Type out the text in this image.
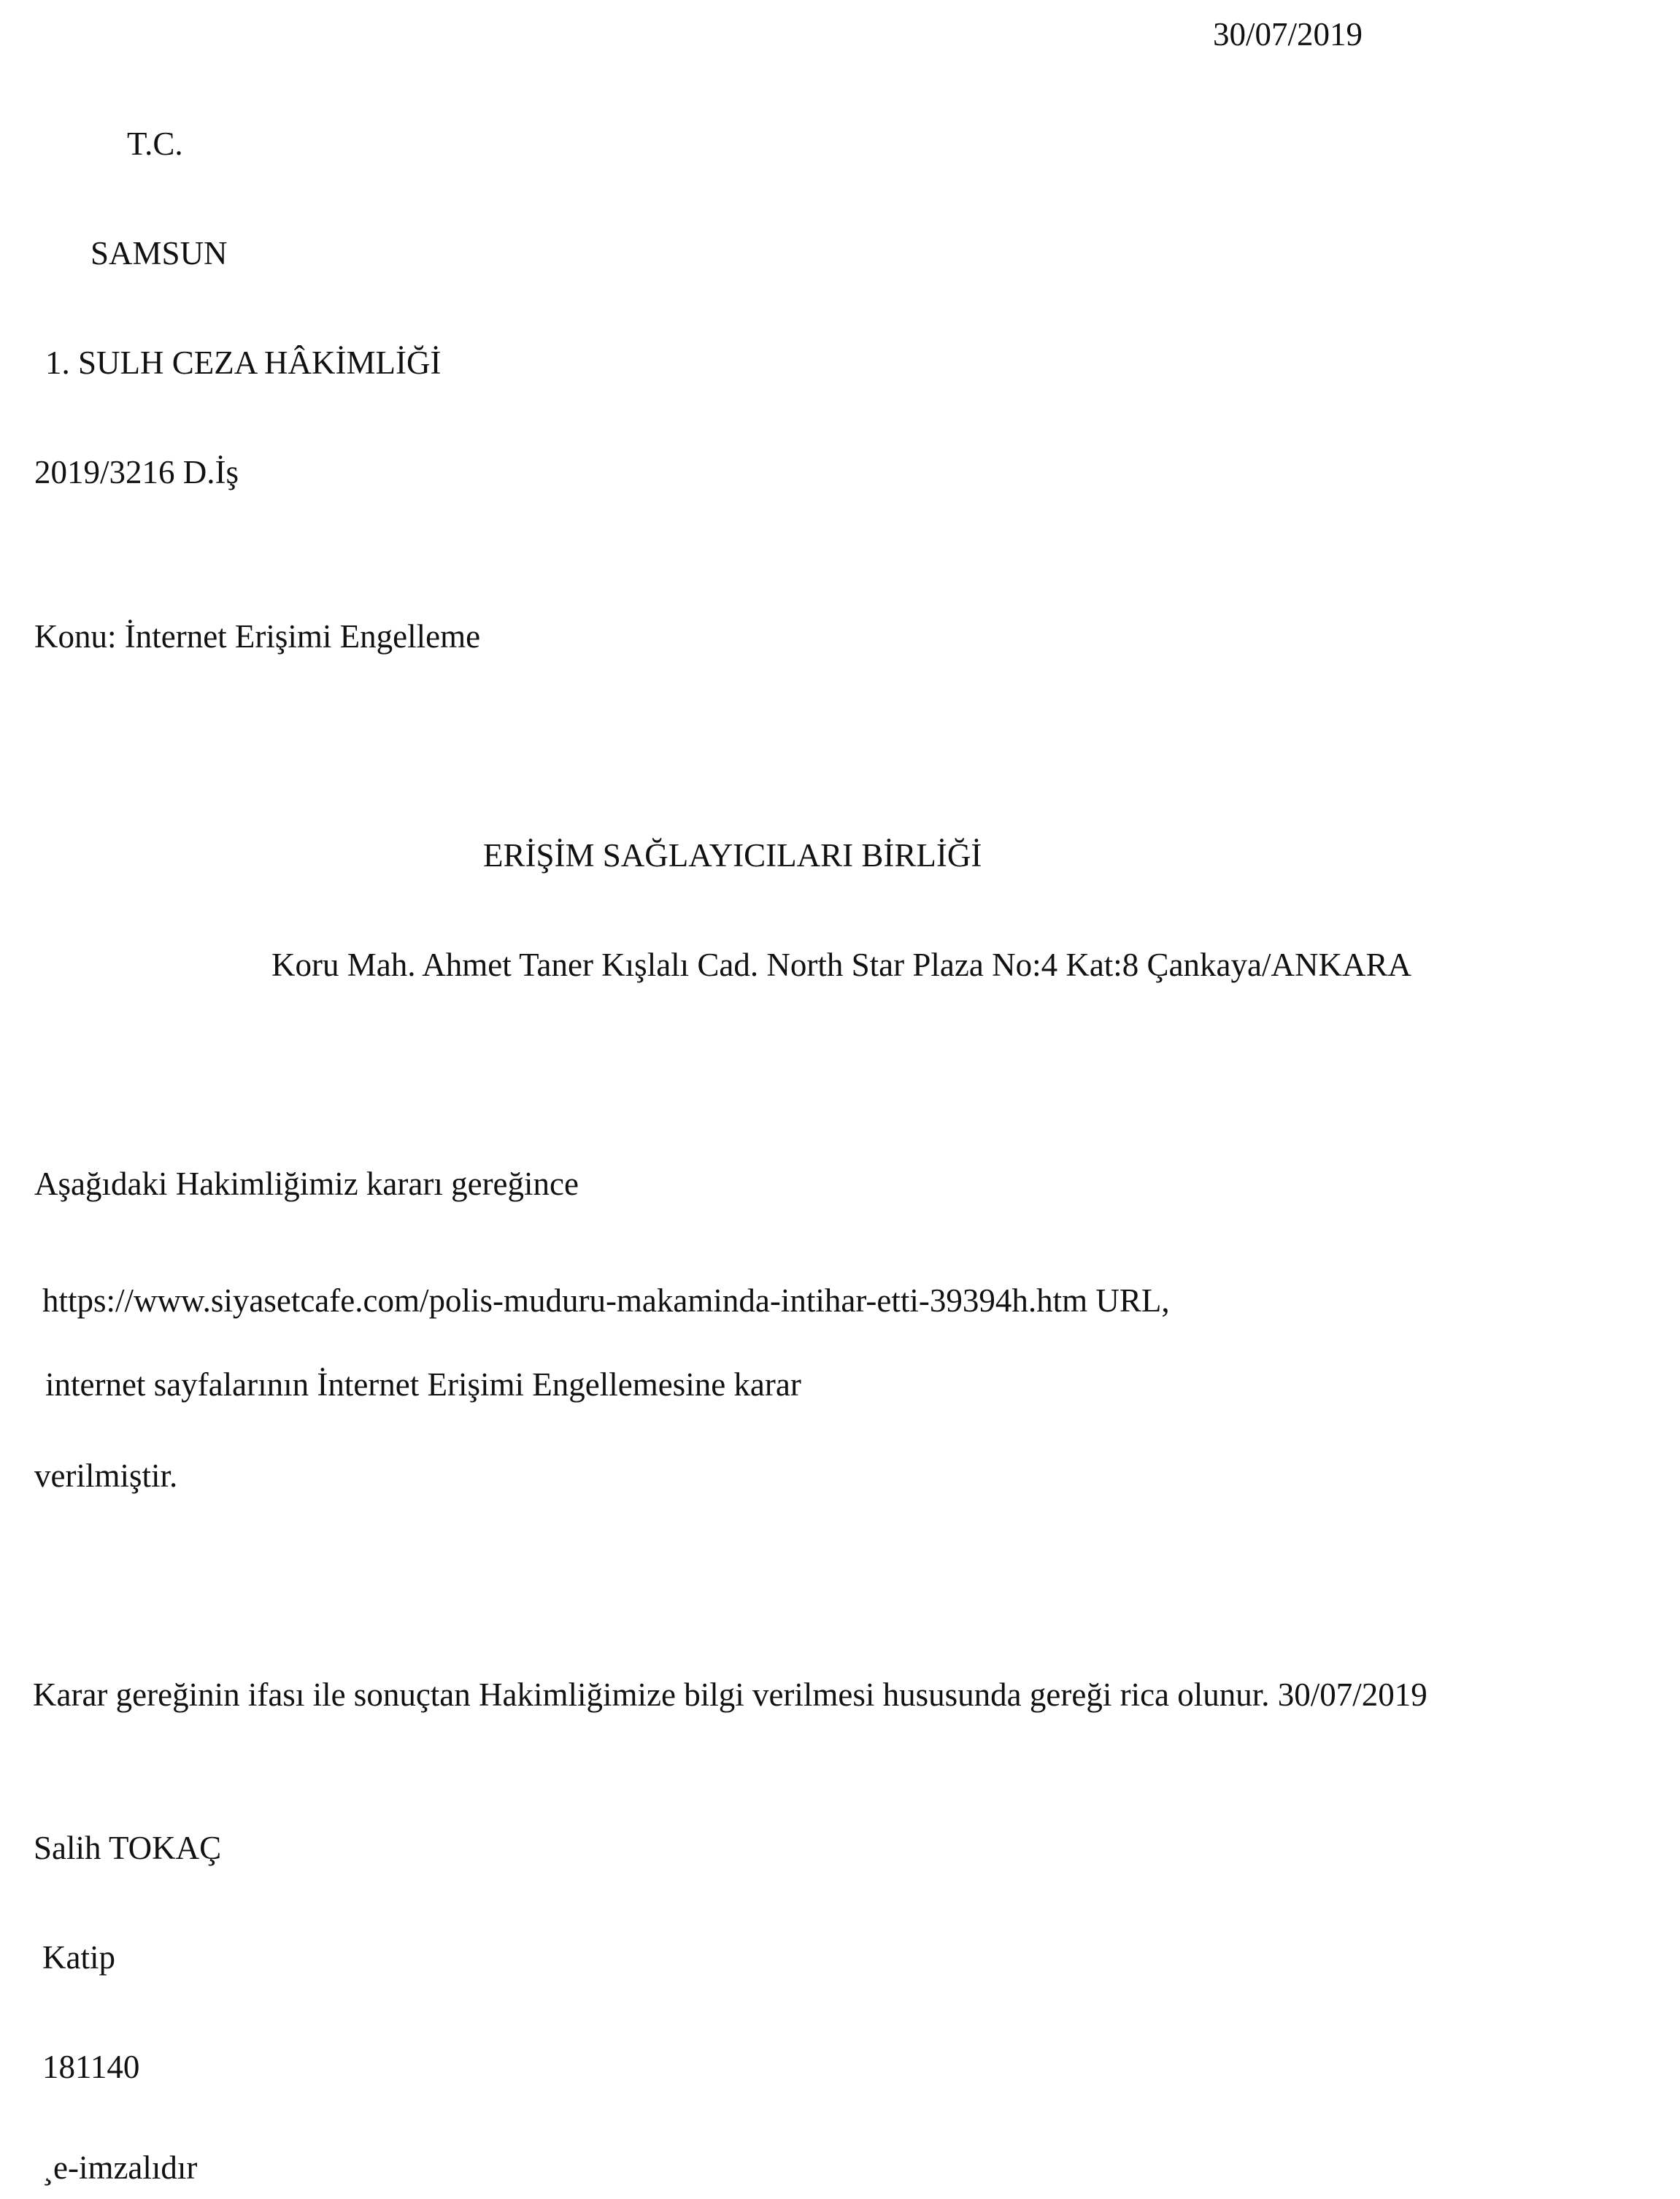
30/07/2019
T.C.
SAMSUN
1. SULH CEZA HÂKİMLİĞİ
2019/3216 D.İş
Konu: İnternet Erişimi Engelleme
ERİŞİM SAĞLAYICILARI BİRLİĞİ
Koru Mah. Ahmet Taner Kışlalı Cad. North Star Plaza No:4 Kat:8 Çankaya/ANKARA
Aşağıdaki Hakimliğimiz kararı gereğince
https://www.siyasetcafe.com/polis-muduru-makaminda-intihar-etti-39394h.htm URL,
internet sayfalarının İnternet Erişimi Engellemesine karar
verilmiştir.
Karar gereğinin ifası ile sonuçtan Hakimliğimize bilgi verilmesi hususunda gereği rica olunur. 30/07/2019
Salih TOKAÇ
Katip
181140
¸e-imzalıdır
